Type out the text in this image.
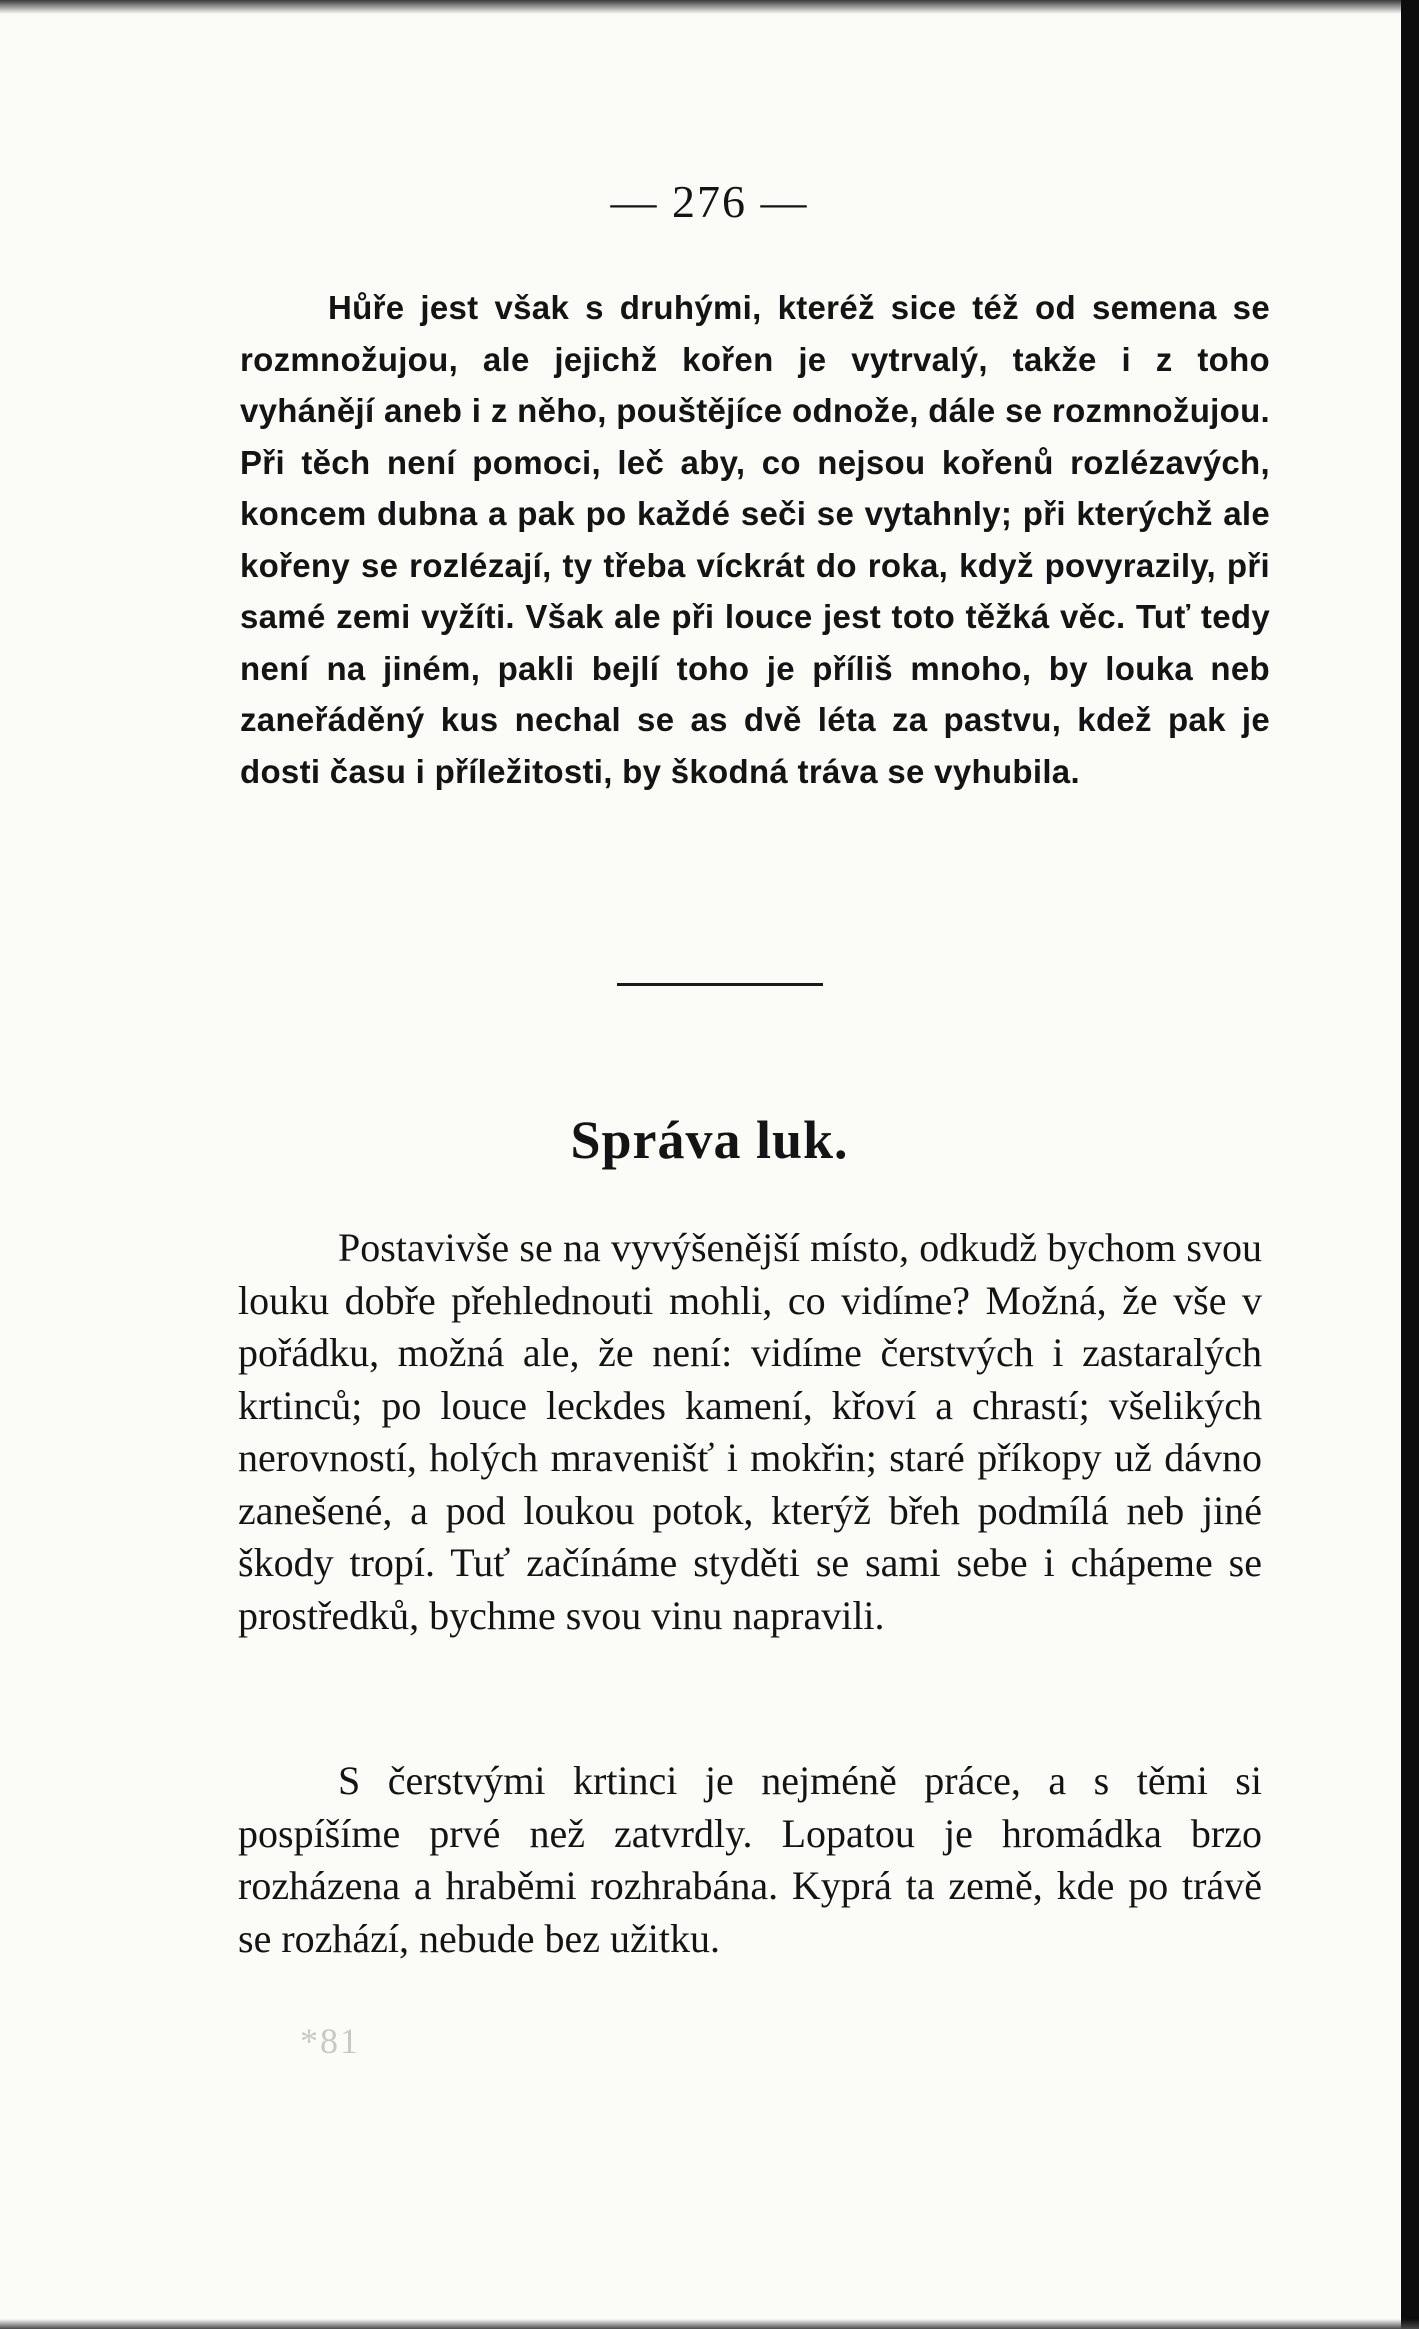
— 276 —

Hůře jest však s druhými, kteréž sice též od semena se rozmnožujou, ale jejichž kořen je vytrvalý, takže i z toho vyhánějí aneb i z něho, pouštějíce odnože, dále se rozmnožujou. Při těch není pomoci, leč aby, co nejsou kořenů rozlézavých, koncem dubna a pak po každé seči se vytahnly; při kterýchž ale kořeny se rozlézají, ty třeba víckrát do roka, když povyrazily, při samé zemi vyžíti. Však ale při louce jest toto těžká věc. Tuť tedy není na jiném, pakli bejlí toho je příliš mnoho, by louka neb zaneřáděný kus nechal se as dvě léta za pastvu, kdež pak je dosti času i příležitosti, by škodná tráva se vyhubila.

Správa luk.

Postavivše se na vyvýšenější místo, odkudž bychom svou louku dobře přehlednouti mohli, co vidíme? Možná, že vše v pořádku, možná ale, že není: vidíme čerstvých i zastaralých krtinců; po louce leckdes kamení, křoví a chrastí; všelikých nerovností, holých mravenišť i mokřin; staré příkopy už dávno zanešené, a pod loukou potok, kterýž břeh podmílá neb jiné škody tropí. Tuť začínáme styděti se sami sebe i chápeme se prostředků, bychme svou vinu napravili.

S čerstvými krtinci je nejméně práce, a s těmi si pospíšíme prvé než zatvrdly. Lopatou je hromádka brzo rozházena a hraběmi rozhrabána. Kyprá ta země, kde po trávě se rozhází, nebude bez užitku.

*81
